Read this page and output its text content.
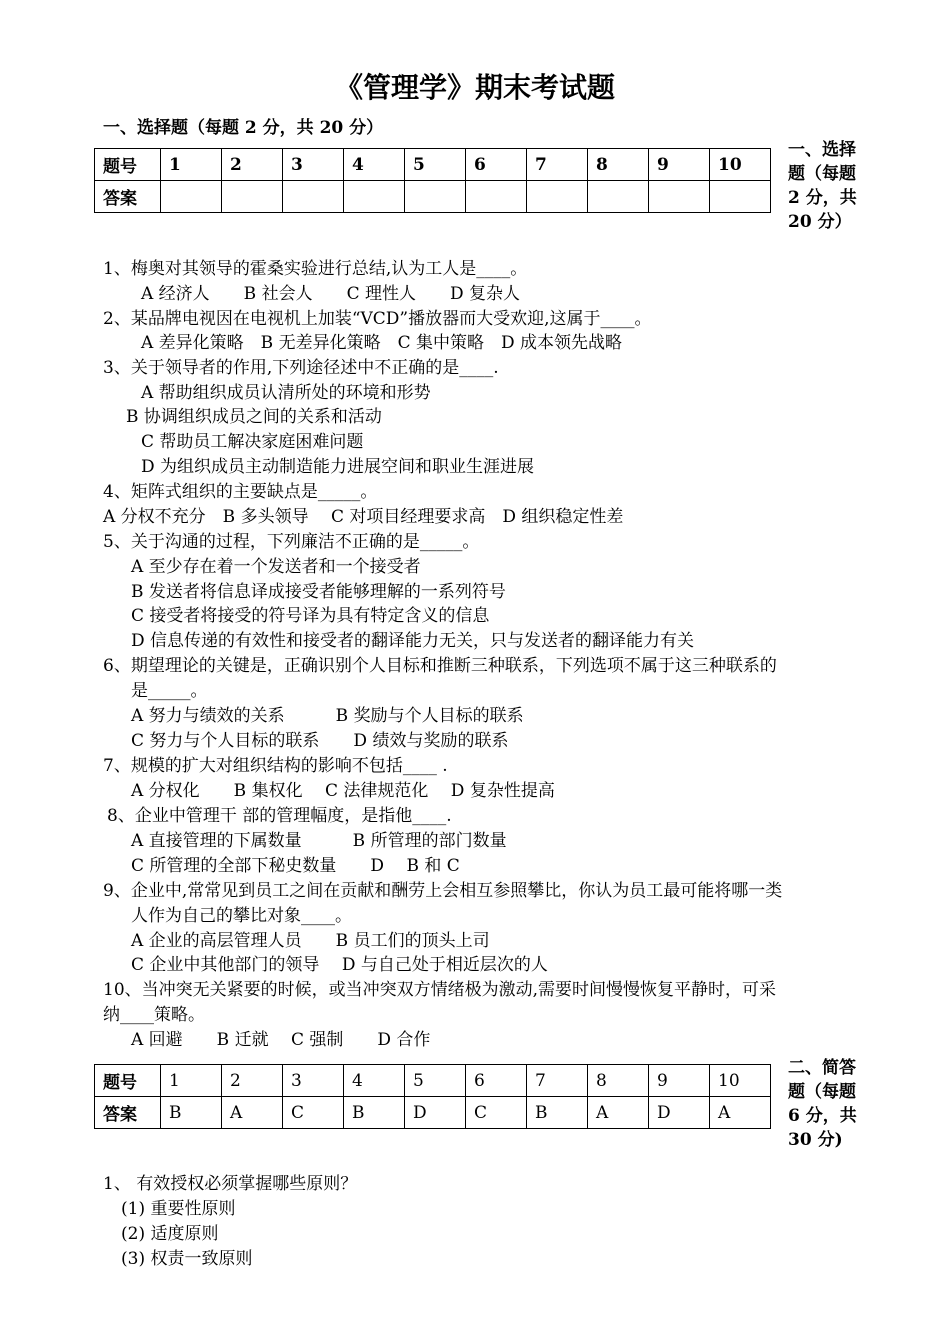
《管理学》期末考试题
一、选择题（每题 2 分，共 20 分）
题号	1	2	3	4	5	6	7	8	9	10
答案										
一、选择
题（每题
2 分，共
20 分）
1、梅奥对其领导的霍桑实验进行总结,认为工人是____。
A 经济人　　B 社会人　　C 理性人　　D 复杂人
2、某品牌电视因在电视机上加装“VCD”播放器而大受欢迎,这属于____。
A 差异化策略　B 无差异化策略　C 集中策略　D 成本领先战略
3、关于领导者的作用,下列途径述中不正确的是____.
A 帮助组织成员认清所处的环境和形势
B 协调组织成员之间的关系和活动
C 帮助员工解决家庭困难问题
D 为组织成员主动制造能力进展空间和职业生涯进展
4、矩阵式组织的主要缺点是_____。
A 分权不充分　B 多头领导　 C 对项目经理要求高　D 组织稳定性差
5、关于沟通的过程，下列廉洁不正确的是_____。
A 至少存在着一个发送者和一个接受者
B 发送者将信息译成接受者能够理解的一系列符号
C 接受者将接受的符号译为具有特定含义的信息
D 信息传递的有效性和接受者的翻译能力无关，只与发送者的翻译能力有关
6、期望理论的关键是，正确识别个人目标和推断三种联系，下列选项不属于这三种联系的
是_____。
A 努力与绩效的关系　　　B 奖励与个人目标的联系
C 努力与个人目标的联系　　D 绩效与奖励的联系
7、规模的扩大对组织结构的影响不包括____ .
A 分权化　　B 集权化　 C 法律规范化　 D 复杂性提高
8、企业中管理干 部的管理幅度，是指他____.
A 直接管理的下属数量　　　B 所管理的部门数量
C 所管理的全部下秘史数量　　D　 B 和 C
9、企业中,常常见到员工之间在贡献和酬劳上会相互参照攀比，你认为员工最可能将哪一类
人作为自己的攀比对象____。
A 企业的高层管理人员　　B 员工们的顶头上司
C 企业中其他部门的领导　 D 与自己处于相近层次的人
10、当冲突无关紧要的时候，或当冲突双方情绪极为激动,需要时间慢慢恢复平静时，可采
纳____策略。
A 回避　　B 迁就　 C 强制　　D 合作
题号	1	2	3	4	5	6	7	8	9	10
答案	B	A	C	B	D	C	B	A	D	A
二、简答
题（每题
6 分，共
30 分)
1、 有效授权必须掌握哪些原则？
(1) 重要性原则
(2) 适度原则
(3) 权责一致原则
